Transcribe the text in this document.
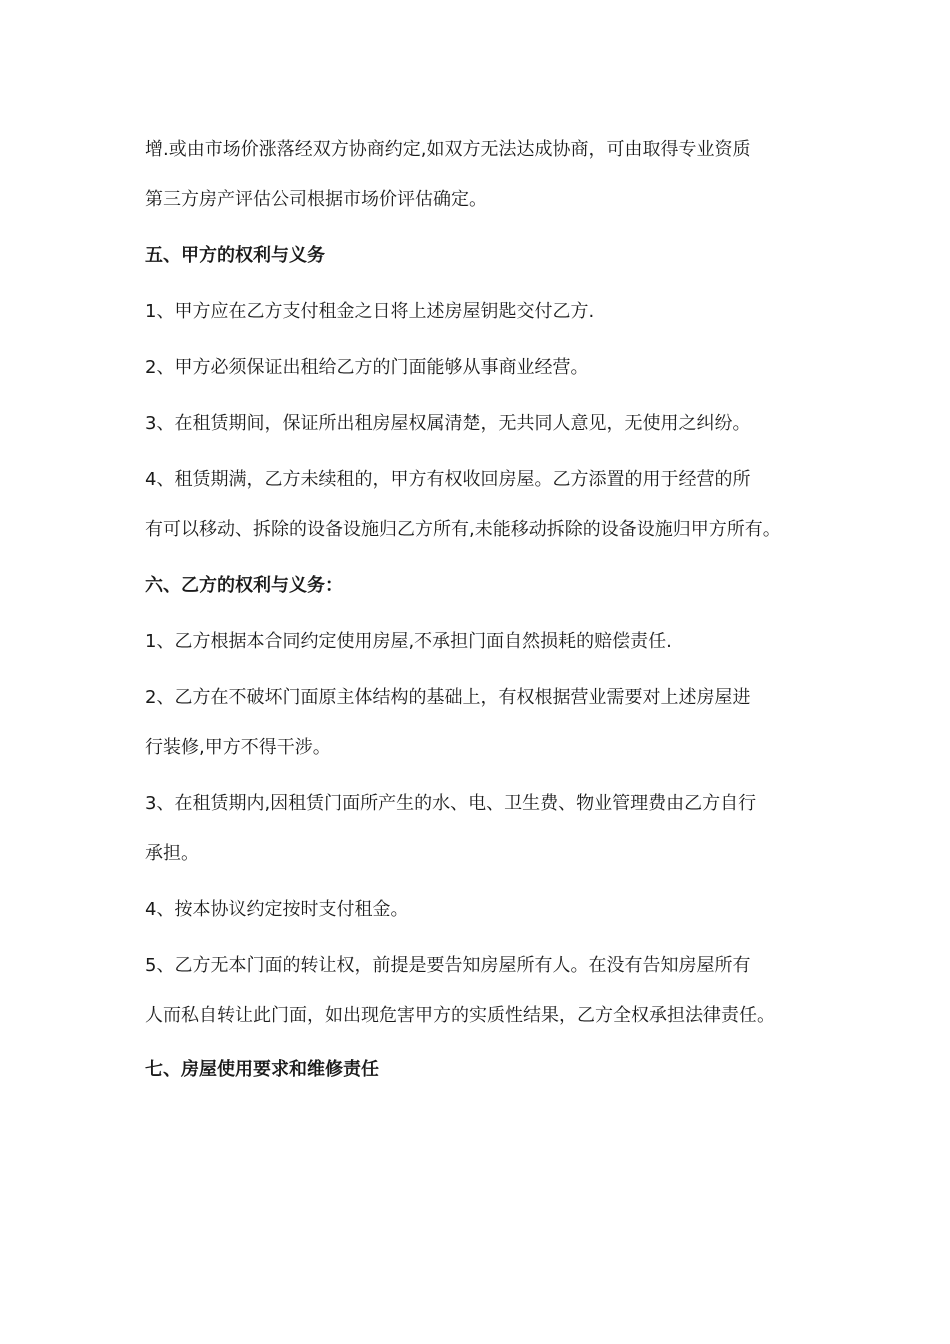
增.或由市场价涨落经双方协商约定,如双方无法达成协商，可由取得专业资质
第三方房产评估公司根据市场价评估确定。
五、甲方的权利与义务
1、甲方应在乙方支付租金之日将上述房屋钥匙交付乙方.
2、甲方必须保证出租给乙方的门面能够从事商业经营。
3、在租赁期间，保证所出租房屋权属清楚，无共同人意见，无使用之纠纷。
4、租赁期满，乙方未续租的，甲方有权收回房屋。乙方添置的用于经营的所
有可以移动、拆除的设备设施归乙方所有,未能移动拆除的设备设施归甲方所有。
六、乙方的权利与义务：
1、乙方根据本合同约定使用房屋,不承担门面自然损耗的赔偿责任.
2、乙方在不破坏门面原主体结构的基础上，有权根据营业需要对上述房屋进
行装修,甲方不得干涉。
3、在租赁期内,因租赁门面所产生的水、电、卫生费、物业管理费由乙方自行
承担。
4、按本协议约定按时支付租金。
5、乙方无本门面的转让权，前提是要告知房屋所有人。在没有告知房屋所有
人而私自转让此门面，如出现危害甲方的实质性结果，乙方全权承担法律责任。
七、房屋使用要求和维修责任
